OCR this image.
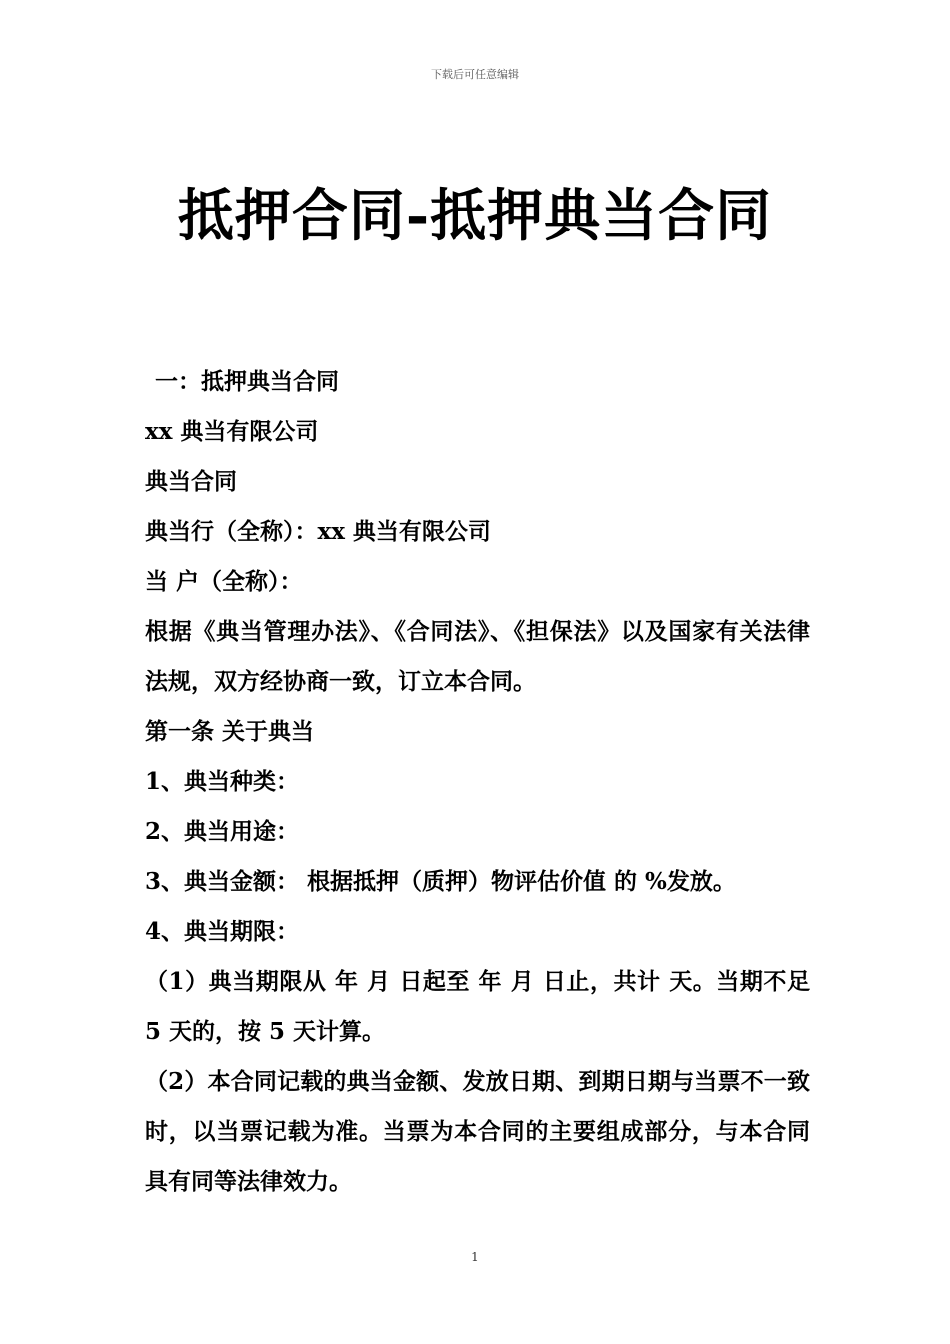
下载后可任意编辑
抵押合同-抵押典当合同

一：抵押典当合同

xx 典当有限公司

典当合同

典当行（全称）：xx 典当有限公司

当 户（全称）：

根据《典当管理办法》、《合同法》、《担保法》以及国家有关法律法规，双方经协商一致，订立本合同。

第一条 关于典当

1、典当种类：

2、典当用途：

3、典当金额： 根据抵押（质押）物评估价值 的 %发放。

4、典当期限：

（1）典当期限从 年 月 日起至 年 月 日止，共计 天。当期不足 5 天的，按 5 天计算。

（2）本合同记载的典当金额、发放日期、到期日期与当票不一致时，以当票记载为准。当票为本合同的主要组成部分，与本合同具有同等法律效力。

1
